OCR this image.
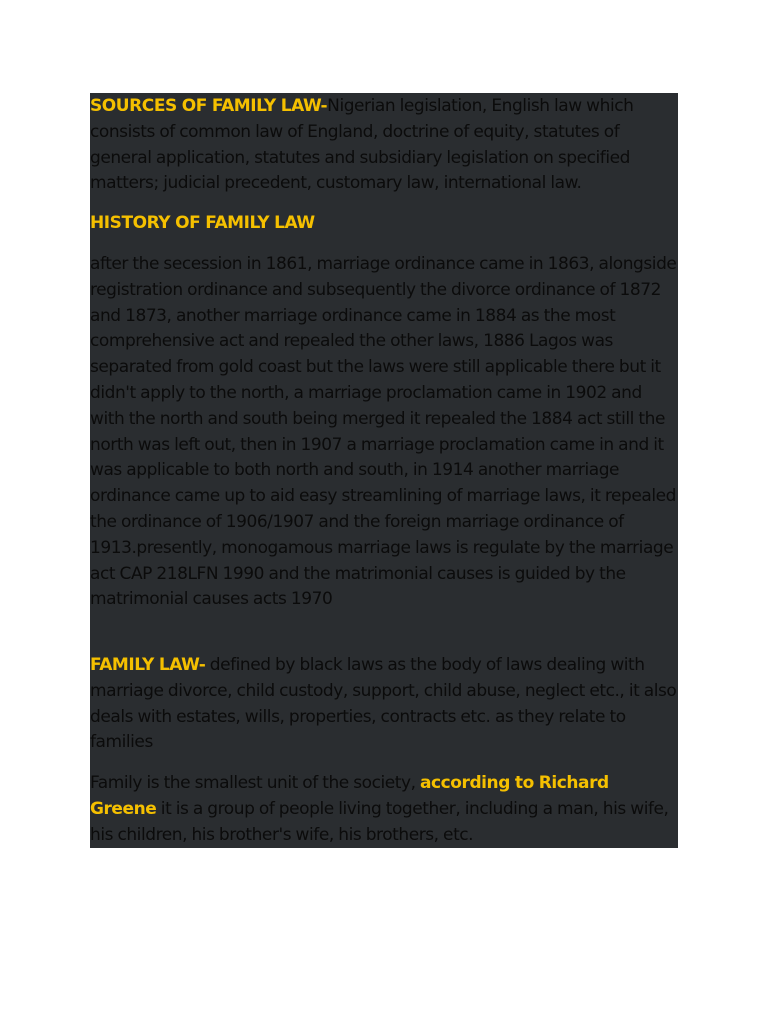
SOURCES OF FAMILY LAW-Nigerian legislation, English law which consists of common law of England, doctrine of equity, statutes of general application, statutes and subsidiary legislation on specified matters; judicial precedent, customary law, international law.

HISTORY OF FAMILY LAW

after the secession in 1861, marriage ordinance came in 1863, alongside registration ordinance and subsequently the divorce ordinance of 1872 and 1873, another marriage ordinance came in 1884 as the most comprehensive act and repealed the other laws, 1886 Lagos was separated from gold coast but the laws were still applicable there but it didn't apply to the north, a marriage proclamation came in 1902 and with the north and south being merged it repealed the 1884 act still the north was left out, then in 1907 a marriage proclamation came in and it was applicable to both north and south, in 1914 another marriage ordinance came up to aid easy streamlining of marriage laws, it repealed the ordinance of 1906/1907 and the foreign marriage ordinance of 1913.presently, monogamous marriage laws is regulate by the marriage act CAP 218LFN 1990 and the matrimonial causes is guided by the matrimonial causes acts 1970

FAMILY LAW- defined by black laws as the body of laws dealing with marriage divorce, child custody, support, child abuse, neglect etc., it also deals with estates, wills, properties, contracts etc. as they relate to families

Family is the smallest unit of the society, according to Richard Greene it is a group of people living together, including a man, his wife, his children, his brother's wife, his brothers, etc.
